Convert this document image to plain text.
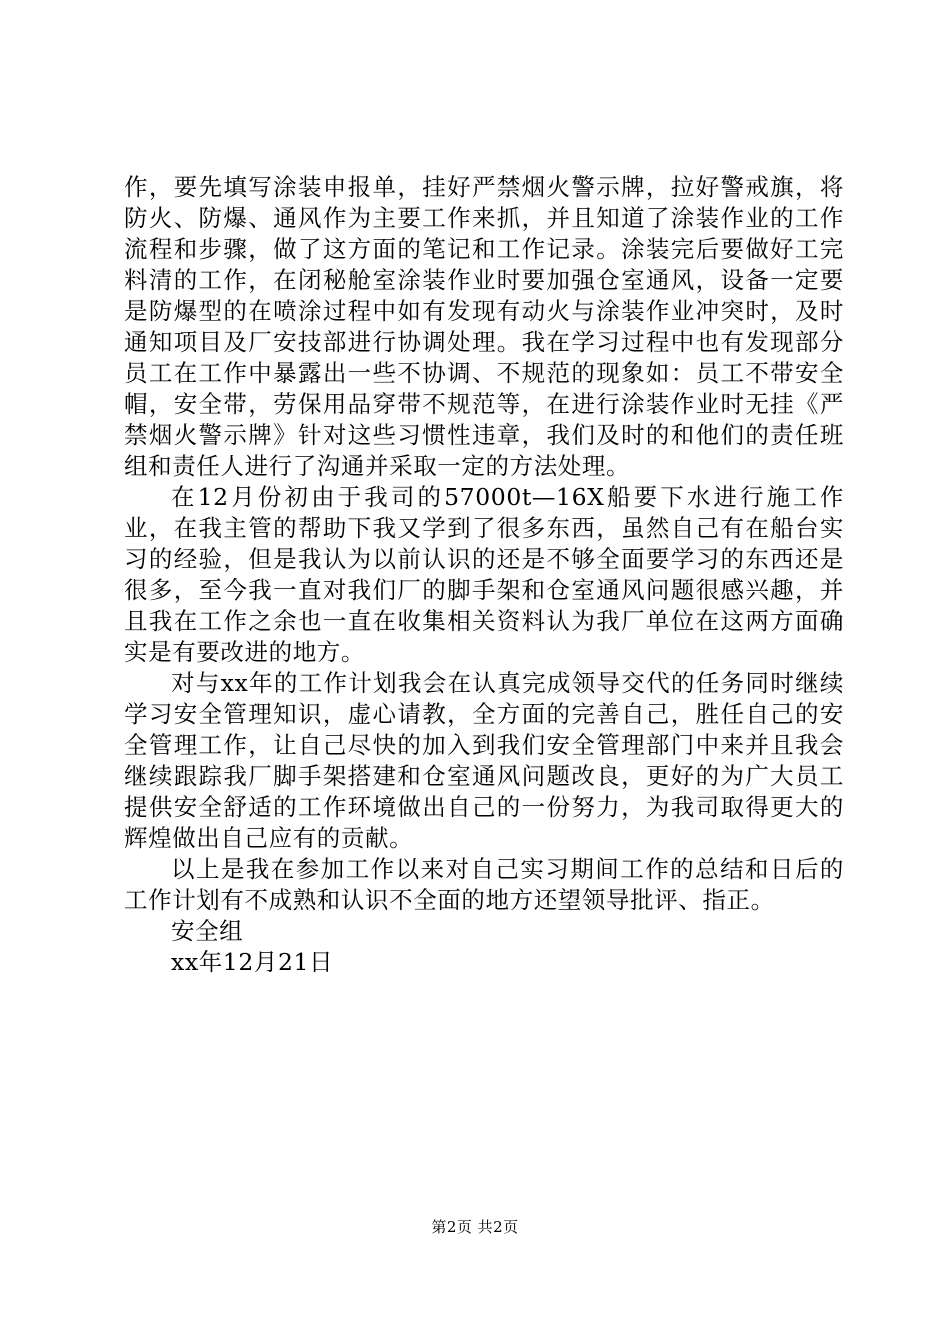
作，要先填写涂装申报单，挂好严禁烟火警示牌，拉好警戒旗，将防火、防爆、通风作为主要工作来抓，并且知道了涂装作业的工作流程和步骤，做了这方面的笔记和工作记录。涂装完后要做好工完料清的工作，在闭秘舱室涂装作业时要加强仓室通风，设备一定要是防爆型的在喷涂过程中如有发现有动火与涂装作业冲突时，及时通知项目及厂安技部进行协调处理。我在学习过程中也有发现部分员工在工作中暴露出一些不协调、不规范的现象如：员工不带安全帽，安全带，劳保用品穿带不规范等，在进行涂装作业时无挂《严禁烟火警示牌》针对这些习惯性违章，我们及时的和他们的责任班组和责任人进行了沟通并采取一定的方法处理。

在12月份初由于我司的57000t—16X船要下水进行施工作业，在我主管的帮助下我又学到了很多东西，虽然自己有在船台实习的经验，但是我认为以前认识的还是不够全面要学习的东西还是很多，至今我一直对我们厂的脚手架和仓室通风问题很感兴趣，并且我在工作之余也一直在收集相关资料认为我厂单位在这两方面确实是有要改进的地方。

对与xx年的工作计划我会在认真完成领导交代的任务同时继续学习安全管理知识，虚心请教，全方面的完善自己，胜任自己的安全管理工作，让自己尽快的加入到我们安全管理部门中来并且我会继续跟踪我厂脚手架搭建和仓室通风问题改良，更好的为广大员工提供安全舒适的工作环境做出自己的一份努力，为我司取得更大的辉煌做出自己应有的贡献。

以上是我在参加工作以来对自己实习期间工作的总结和日后的工作计划有不成熟和认识不全面的地方还望领导批评、指正。

安全组

xx年12月21日

第2页 共2页
